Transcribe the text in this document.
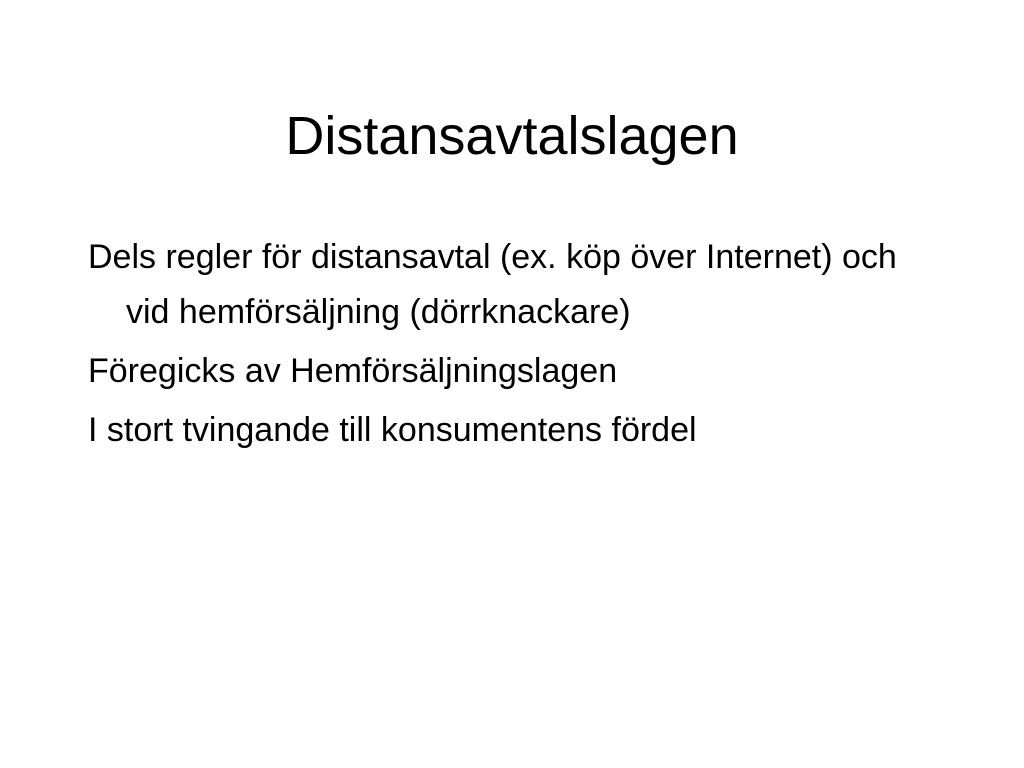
Distansavtalslagen
Dels regler för distansavtal (ex. köp över Internet) och vid hemförsäljning (dörrknackare)
Föregicks av Hemförsäljningslagen
I stort tvingande till konsumentens fördel
